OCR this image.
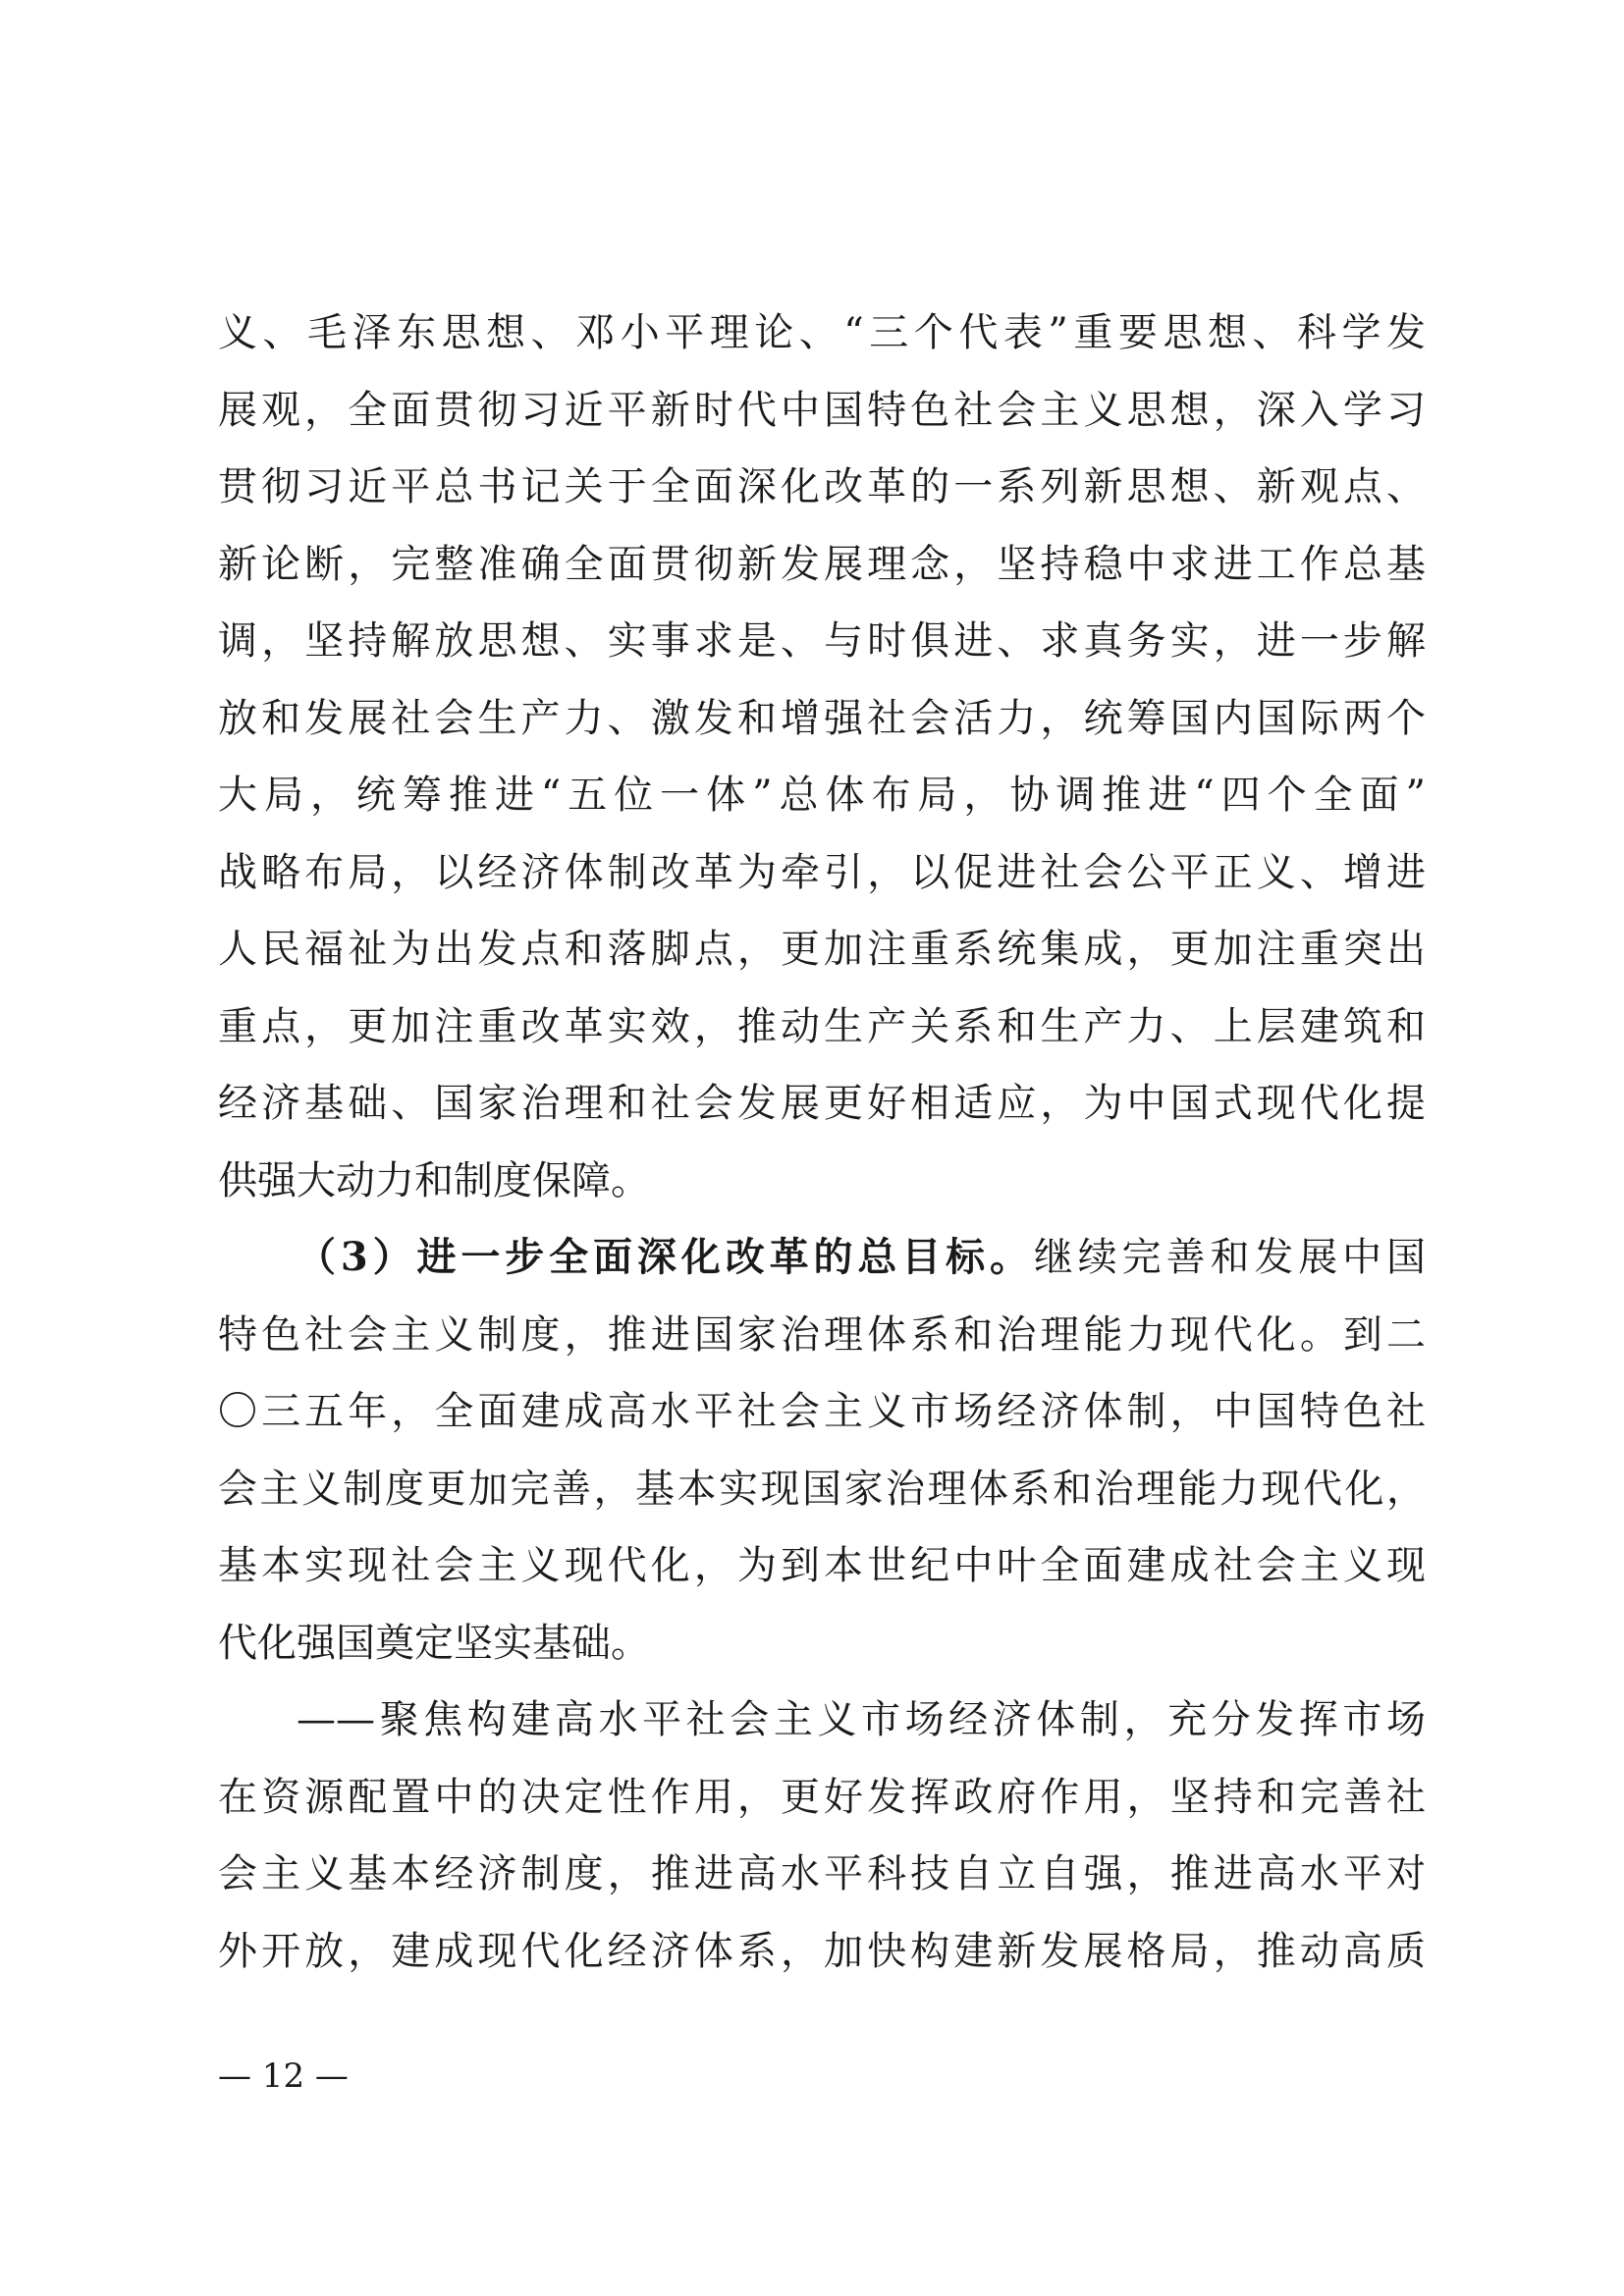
义、毛泽东思想、邓小平理论、“三个代表”重要思想、科学发
展观，全面贯彻习近平新时代中国特色社会主义思想，深入学习
贯彻习近平总书记关于全面深化改革的一系列新思想、新观点、
新论断，完整准确全面贯彻新发展理念，坚持稳中求进工作总基
调，坚持解放思想、实事求是、与时俱进、求真务实，进一步解
放和发展社会生产力、激发和增强社会活力，统筹国内国际两个
大局，统筹推进“五位一体”总体布局，协调推进“四个全面”
战略布局，以经济体制改革为牵引，以促进社会公平正义、增进
人民福祉为出发点和落脚点，更加注重系统集成，更加注重突出
重点，更加注重改革实效，推动生产关系和生产力、上层建筑和
经济基础、国家治理和社会发展更好相适应，为中国式现代化提
供强大动力和制度保障。
（3）进一步全面深化改革的总目标。继续完善和发展中国
特色社会主义制度，推进国家治理体系和治理能力现代化。到二
〇三五年，全面建成高水平社会主义市场经济体制，中国特色社
会主义制度更加完善，基本实现国家治理体系和治理能力现代化，
基本实现社会主义现代化，为到本世纪中叶全面建成社会主义现
代化强国奠定坚实基础。
——聚焦构建高水平社会主义市场经济体制，充分发挥市场
在资源配置中的决定性作用，更好发挥政府作用，坚持和完善社
会主义基本经济制度，推进高水平科技自立自强，推进高水平对
外开放，建成现代化经济体系，加快构建新发展格局，推动高质
— 12 —
